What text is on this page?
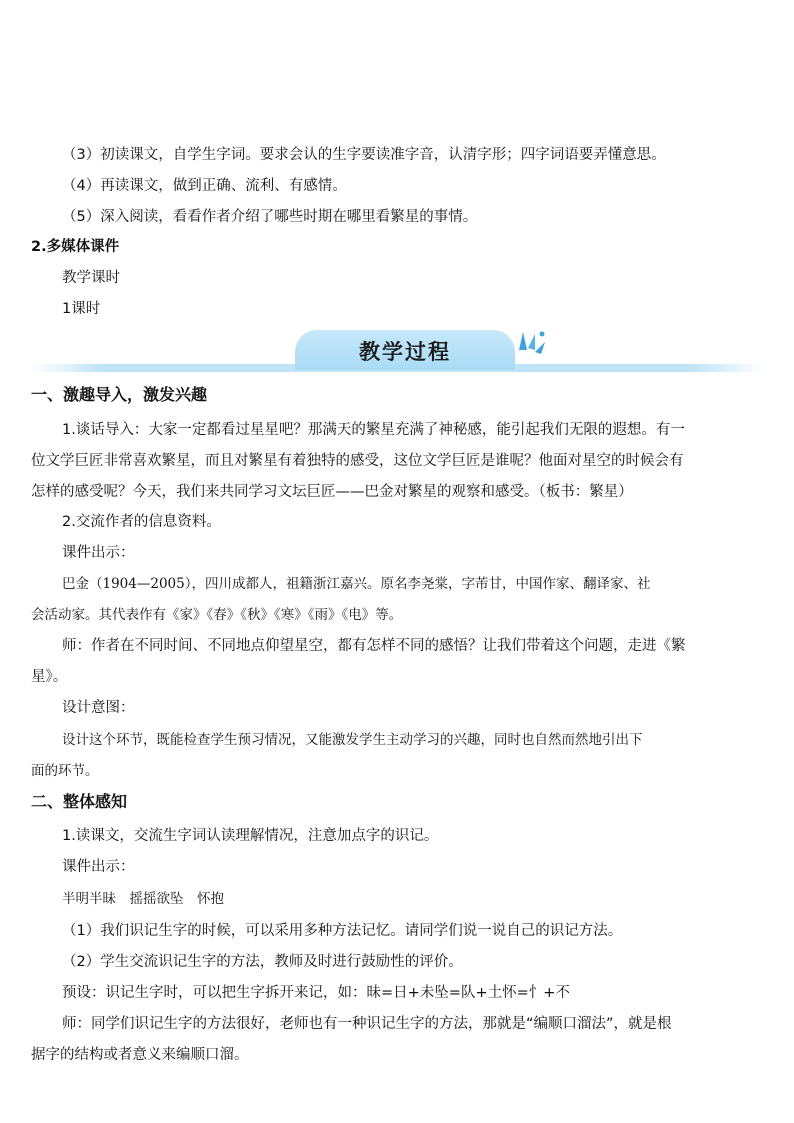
（3）初读课文，自学生字词。要求会认的生字要读准字音，认清字形；四字词语要弄懂意思。
（4）再读课文，做到正确、流利、有感情。
（5）深入阅读，看看作者介绍了哪些时期在哪里看繁星的事情。
2.多媒体课件
教学课时
1课时
教学过程
一、激趣导入，激发兴趣
1.谈话导入：大家一定都看过星星吧？那满天的繁星充满了神秘感，能引起我们无限的遐想。有一
位文学巨匠非常喜欢繁星，而且对繁星有着独特的感受，这位文学巨匠是谁呢？他面对星空的时候会有
怎样的感受呢？今天，我们来共同学习文坛巨匠——巴金对繁星的观察和感受。（板书：繁星）
2.交流作者的信息资料。
课件出示：
巴金（1904—2005），四川成都人，祖籍浙江嘉兴。原名李尧棠，字芾甘，中国作家、翻译家、社
会活动家。其代表作有《家》《春》《秋》《寒》《雨》《电》等。
师：作者在不同时间、不同地点仰望星空，都有怎样不同的感悟？让我们带着这个问题，走进《繁
星》。
设计意图：
设计这个环节，既能检查学生预习情况，又能激发学生主动学习的兴趣，同时也自然而然地引出下
面的环节。
二、整体感知
1.读课文，交流生字词认读理解情况，注意加点字的识记。
课件出示：
半明半昧　摇摇欲坠　怀抱
（1）我们识记生字的时候，可以采用多种方法记忆。请同学们说一说自己的识记方法。
（2）学生交流识记生字的方法，教师及时进行鼓励性的评价。
预设：识记生字时，可以把生字拆开来记，如：昧=日+未坠=队+土怀=忄+不
师：同学们识记生字的方法很好，老师也有一种识记生字的方法，那就是“编顺口溜法”，就是根
据字的结构或者意义来编顺口溜。
